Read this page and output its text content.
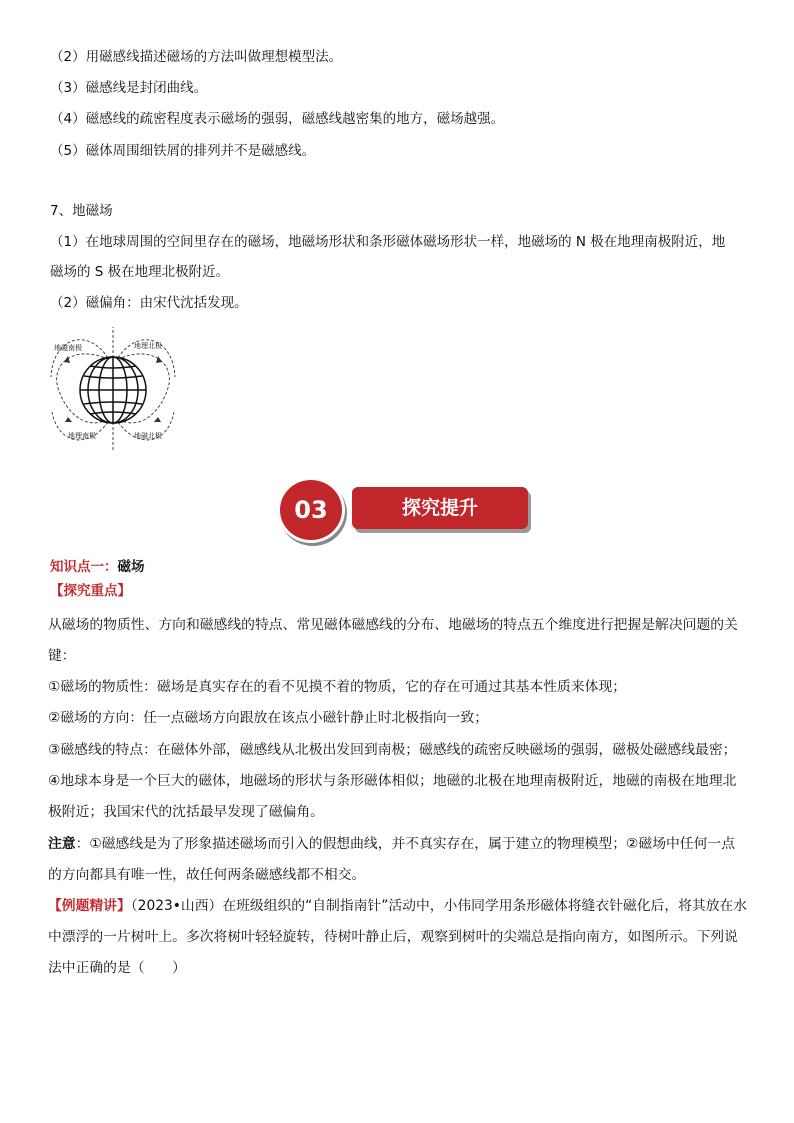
（2）用磁感线描述磁场的方法叫做理想模型法。
（3）磁感线是封闭曲线。
（4）磁感线的疏密程度表示磁场的强弱，磁感线越密集的地方，磁场越强。
（5）磁体周围细铁屑的排列并不是磁感线。
7、地磁场
（1）在地球周围的空间里存在的磁场，地磁场形状和条形磁体磁场形状一样，地磁场的 N 极在地理南极附近，地
磁场的 S 极在地理北极附近。
（2）磁偏角：由宋代沈括发现。
地磁南极	地理北极
地理南极	地磁北极
03	探究提升
知识点一：磁场
【探究重点】
从磁场的物质性、方向和磁感线的特点、常见磁体磁感线的分布、地磁场的特点五个维度进行把握是解决问题的关键：
①磁场的物质性：磁场是真实存在的看不见摸不着的物质，它的存在可通过其基本性质来体现；
②磁场的方向：任一点磁场方向跟放在该点小磁针静止时北极指向一致；
③磁感线的特点：在磁体外部，磁感线从北极出发回到南极；磁感线的疏密反映磁场的强弱，磁极处磁感线最密；
④地球本身是一个巨大的磁体，地磁场的形状与条形磁体相似；地磁的北极在地理南极附近，地磁的南极在地理北极附近；我国宋代的沈括最早发现了磁偏角。
注意：①磁感线是为了形象描述磁场而引入的假想曲线，并不真实存在，属于建立的物理模型；②磁场中任何一点的方向都具有唯一性，故任何两条磁感线都不相交。
【例题精讲】（2023•山西）在班级组织的“自制指南针”活动中，小伟同学用条形磁体将缝衣针磁化后，将其放在水中漂浮的一片树叶上。多次将树叶轻轻旋转，待树叶静止后，观察到树叶的尖端总是指向南方，如图所示。下列说法中正确的是（　　）
